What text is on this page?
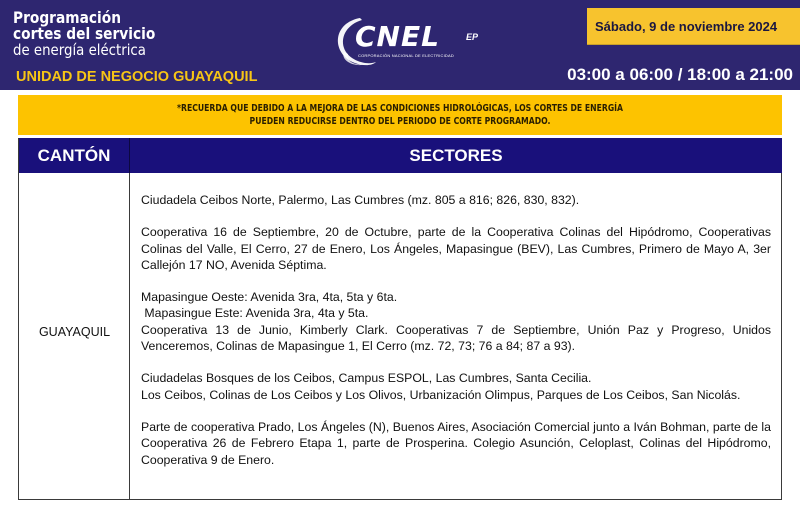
Programación
cortes del servicio
de energía eléctrica
UNIDAD DE NEGOCIO GUAYAQUIL
CNEL	EP
CORPORACIÓN NACIONAL DE ELECTRICIDAD
Sábado, 9 de noviembre 2024
03:00 a 06:00 / 18:00 a 21:00
*RECUERDA QUE DEBIDO A LA MEJORA DE LAS CONDICIONES HIDROLÓGICAS, LOS CORTES DE ENERGÍA
PUEDEN REDUCIRSE DENTRO DEL PERIODO DE CORTE PROGRAMADO.
CANTÓN	SECTORES
GUAYAQUIL

Ciudadela Ceibos Norte, Palermo, Las Cumbres (mz. 805 a 816; 826, 830, 832).

Cooperativa 16 de Septiembre, 20 de Octubre, parte de la Cooperativa Colinas del Hipódromo, Cooperativas Colinas del Valle, El Cerro, 27 de Enero, Los Ángeles, Mapasingue (BEV), Las Cumbres, Primero de Mayo A, 3er Callejón 17 NO, Avenida Séptima.

Mapasingue Oeste: Avenida 3ra, 4ta, 5ta y 6ta.

Mapasingue Este: Avenida 3ra, 4ta y 5ta.

Cooperativa 13 de Junio, Kimberly Clark. Cooperativas 7 de Septiembre, Unión Paz y Progreso, Unidos Venceremos, Colinas de Mapasingue 1, El Cerro (mz. 72, 73; 76 a 84; 87 a 93).

Ciudadelas Bosques de los Ceibos, Campus ESPOL, Las Cumbres, Santa Cecilia.

Los Ceibos, Colinas de Los Ceibos y Los Olivos, Urbanización Olimpus, Parques de Los Ceibos, San Nicolás.

Parte de cooperativa Prado, Los Ángeles (N), Buenos Aires, Asociación Comercial junto a Iván Bohman, parte de la Cooperativa 26 de Febrero Etapa 1, parte de Prosperina. Colegio Asunción, Celoplast, Colinas del Hipódromo, Cooperativa 9 de Enero.
